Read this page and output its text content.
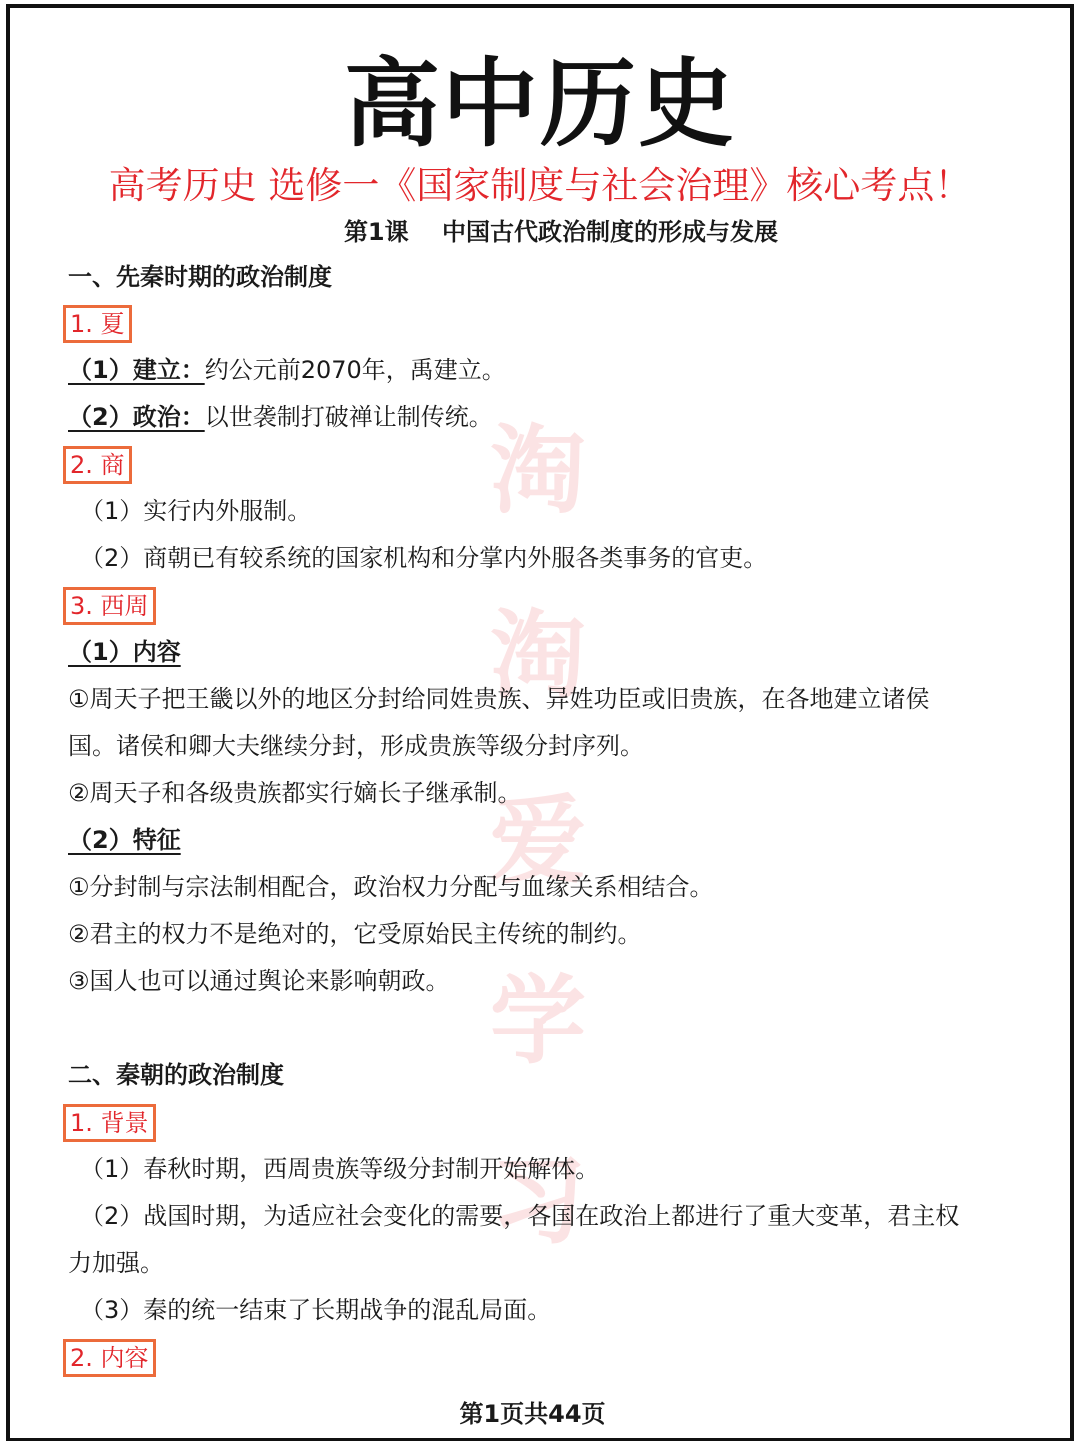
淘
淘
爱
学
习
高中历史
高考历史 选修一《国家制度与社会治理》核心考点！
第1课    中国古代政治制度的形成与发展
一、先秦时期的政治制度
1. 夏
（1）建立：约公元前2070年，禹建立。
（2）政治：以世袭制打破禅让制传统。
2. 商
（1）实行内外服制。
（2）商朝已有较系统的国家机构和分掌内外服各类事务的官吏。
3. 西周
（1）内容
①周天子把王畿以外的地区分封给同姓贵族、异姓功臣或旧贵族，在各地建立诸侯
国。诸侯和卿大夫继续分封，形成贵族等级分封序列。
②周天子和各级贵族都实行嫡长子继承制。
（2）特征
①分封制与宗法制相配合，政治权力分配与血缘关系相结合。
②君主的权力不是绝对的，它受原始民主传统的制约。
③国人也可以通过舆论来影响朝政。
二、秦朝的政治制度
1. 背景
（1）春秋时期，西周贵族等级分封制开始解体。
（2）战国时期，为适应社会变化的需要，各国在政治上都进行了重大变革，君主权
力加强。
（3）秦的统一结束了长期战争的混乱局面。
2. 内容
第1页共44页
